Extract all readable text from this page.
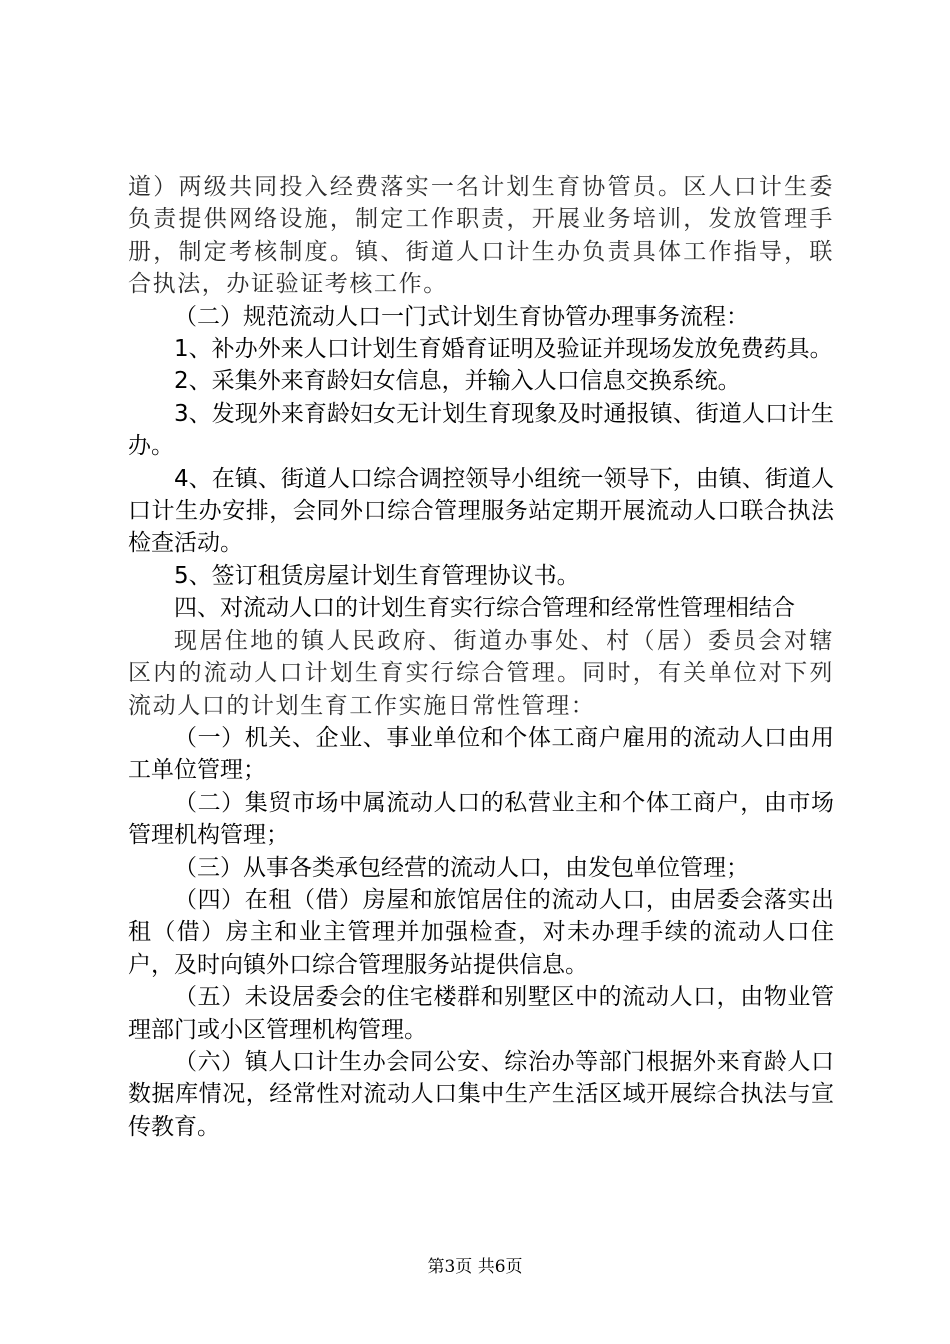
道）两级共同投入经费落实一名计划生育协管员。区人口计生委负责提供网络设施，制定工作职责，开展业务培训，发放管理手册，制定考核制度。镇、街道人口计生办负责具体工作指导，联合执法，办证验证考核工作。

（二）规范流动人口一门式计划生育协管办理事务流程：

1、补办外来人口计划生育婚育证明及验证并现场发放免费药具。

2、采集外来育龄妇女信息，并输入人口信息交换系统。

3、发现外来育龄妇女无计划生育现象及时通报镇、街道人口计生办。

4、在镇、街道人口综合调控领导小组统一领导下，由镇、街道人口计生办安排，会同外口综合管理服务站定期开展流动人口联合执法检查活动。

5、签订租赁房屋计划生育管理协议书。

四、对流动人口的计划生育实行综合管理和经常性管理相结合

现居住地的镇人民政府、街道办事处、村（居）委员会对辖区内的流动人口计划生育实行综合管理。同时，有关单位对下列流动人口的计划生育工作实施日常性管理：

（一）机关、企业、事业单位和个体工商户雇用的流动人口由用工单位管理；

（二）集贸市场中属流动人口的私营业主和个体工商户，由市场管理机构管理；

（三）从事各类承包经营的流动人口，由发包单位管理；

（四）在租（借）房屋和旅馆居住的流动人口，由居委会落实出租（借）房主和业主管理并加强检查，对未办理手续的流动人口住户，及时向镇外口综合管理服务站提供信息。

（五）未设居委会的住宅楼群和别墅区中的流动人口，由物业管理部门或小区管理机构管理。

（六）镇人口计生办会同公安、综治办等部门根据外来育龄人口数据库情况，经常性对流动人口集中生产生活区域开展综合执法与宣传教育。

第3页 共6页
